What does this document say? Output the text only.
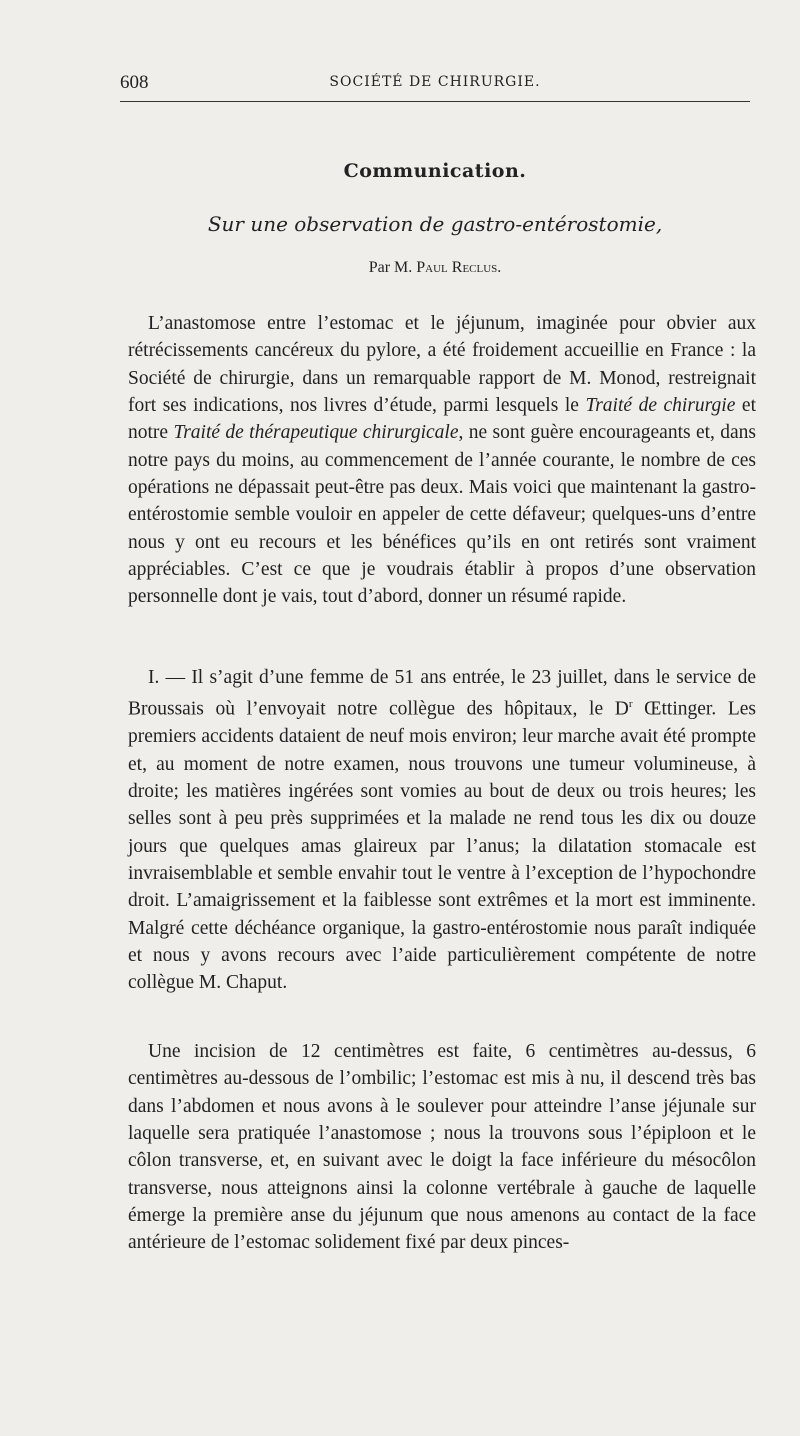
608	SOCIÉTÉ DE CHIRURGIE.
Communication.
Sur une observation de gastro-entérostomie,
Par M. Paul Reclus.

L’anastomose entre l’estomac et le jéjunum, imaginée pour obvier aux rétrécissements cancéreux du pylore, a été froidement accueillie en France : la Société de chirurgie, dans un remarquable rapport de M. Monod, restreignait fort ses indications, nos livres d’étude, parmi lesquels le Traité de chirurgie et notre Traité de thérapeutique chirurgicale, ne sont guère encourageants et, dans notre pays du moins, au commencement de l’année courante, le nombre de ces opérations ne dépassait peut-être pas deux. Mais voici que maintenant la gastro-entérostomie semble vouloir en appeler de cette défaveur; quelques-uns d’entre nous y ont eu recours et les bénéfices qu’ils en ont retirés sont vraiment appréciables. C’est ce que je voudrais établir à propos d’une observation personnelle dont je vais, tout d’abord, donner un résumé rapide.

I. — Il s’agit d’une femme de 51 ans entrée, le 23 juillet, dans le service de Broussais où l’envoyait notre collègue des hôpitaux, le $D^r$ Œttinger. Les premiers accidents dataient de neuf mois environ; leur marche avait été prompte et, au moment de notre examen, nous trouvons une tumeur volumineuse, à droite; les matières ingérées sont vomies au bout de deux ou trois heures; les selles sont à peu près supprimées et la malade ne rend tous les dix ou douze jours que quelques amas glaireux par l’anus; la dilatation stomacale est invraisemblable et semble envahir tout le ventre à l’exception de l’hypochondre droit. L’amaigrissement et la faiblesse sont extrêmes et la mort est imminente. Malgré cette déchéance organique, la gastro-entérostomie nous paraît indiquée et nous y avons recours avec l’aide particulièrement compétente de notre collègue M. Chaput.

Une incision de 12 centimètres est faite, 6 centimètres au-dessus, 6 centimètres au-dessous de l’ombilic; l’estomac est mis à nu, il descend très bas dans l’abdomen et nous avons à le soulever pour atteindre l’anse jéjunale sur laquelle sera pratiquée l’anastomose ; nous la trouvons sous l’épiploon et le côlon transverse, et, en suivant avec le doigt la face inférieure du mésocôlon transverse, nous atteignons ainsi la colonne vertébrale à gauche de laquelle émerge la première anse du jéjunum que nous amenons au contact de la face antérieure de l’estomac solidement fixé par deux pinces-
